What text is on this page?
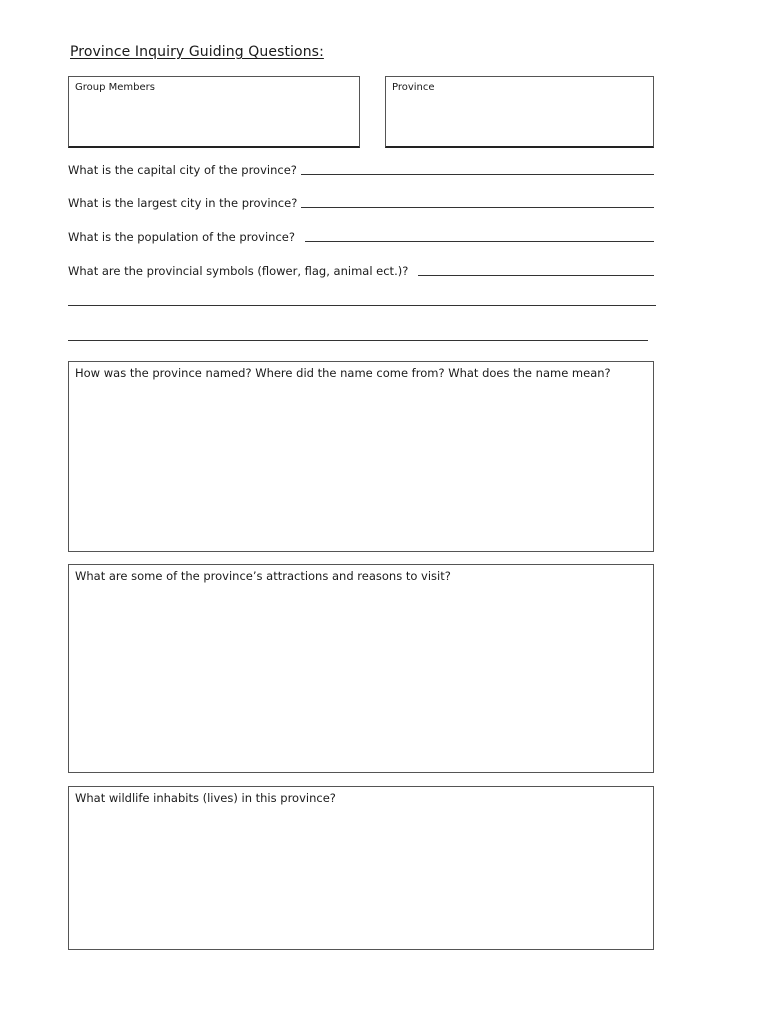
Province Inquiry Guiding Questions:
Group Members	Province
What is the capital city of the province?
What is the largest city in the province?
What is the population of the province?
What are the provincial symbols (flower, flag, animal ect.)?
How was the province named? Where did the name come from? What does the name mean?
What are some of the province’s attractions and reasons to visit?
What wildlife inhabits (lives) in this province?
